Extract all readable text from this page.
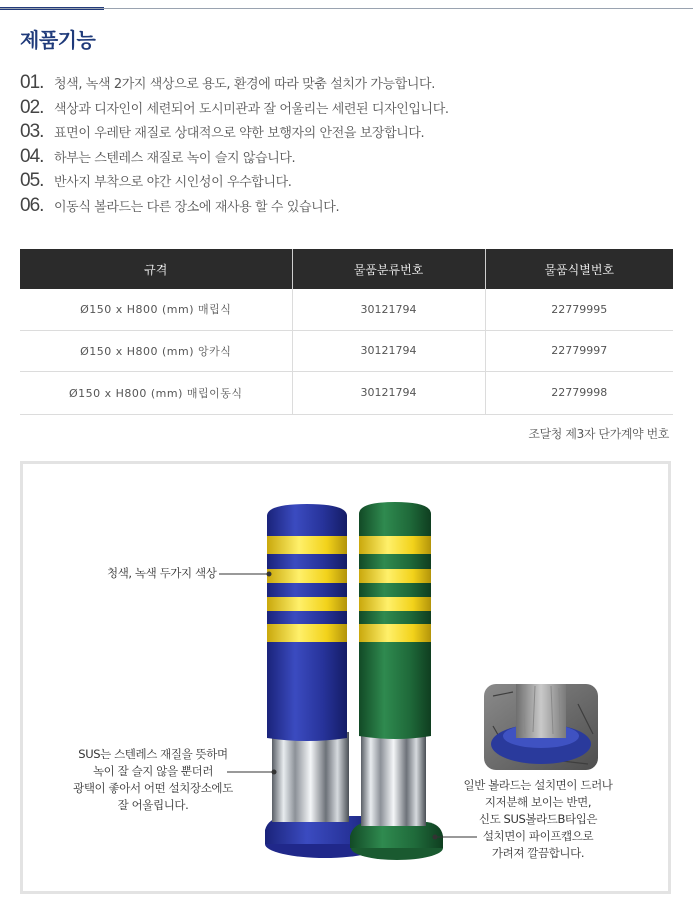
제품기능
01. 청색, 녹색 2가지 색상으로 용도, 환경에 따라 맞춤 설치가 가능합니다.
02. 색상과 디자인이 세련되어 도시미관과 잘 어울리는 세련된 디자인입니다.
03. 표면이 우레탄 재질로 상대적으로 약한 보행자의 안전을 보장합니다.
04. 하부는 스텐레스 재질로 녹이 슬지 않습니다.
05. 반사지 부착으로 야간 시인성이 우수합니다.
06. 이동식 볼라드는 다른 장소에 재사용 할 수 있습니다.
규격	물품분류번호	물품식별번호
Ø150 x H800 (mm) 매립식	30121794	22779995
Ø150 x H800 (mm) 앙카식	30121794	22779997
Ø150 x H800 (mm) 매립이동식	30121794	22779998
조달청 제3자 단가계약 번호
청색, 녹색 두가지 색상
SUS는 스텐레스 재질을 뜻하며
녹이 잘 슬지 않을 뿐더러
광택이 좋아서 어떤 설치장소에도
잘 어울립니다.
일반 볼라드는 설치면이 드러나
지저분해 보이는 반면,
신도 SUS볼라드B타입은
설치면이 파이프캡으로
가려져 깔끔합니다.
